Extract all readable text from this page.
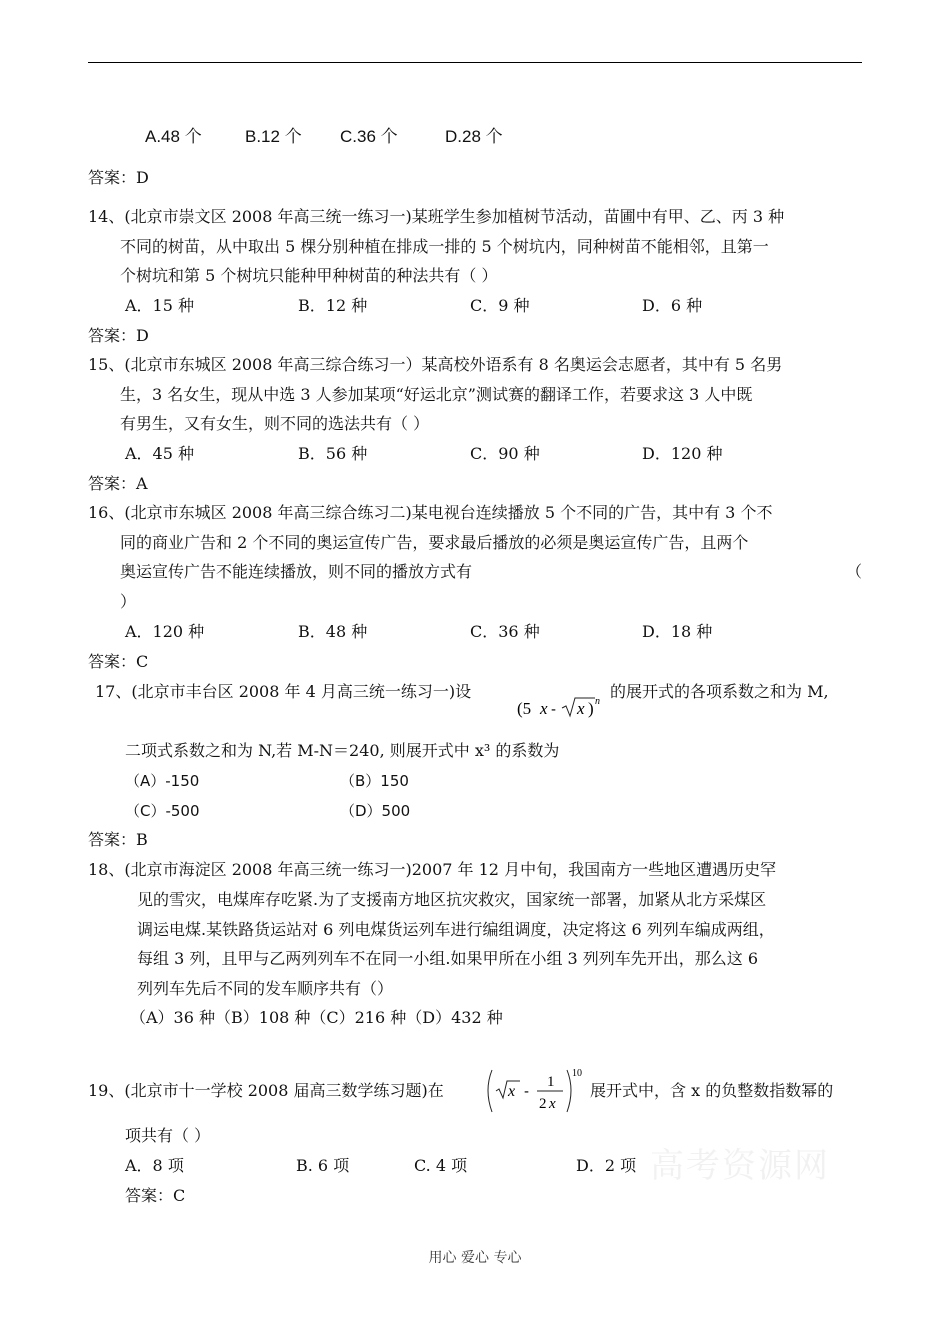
A.48 个	B.12 个 C.36 个	D.28 个
答案：D
14、(北京市崇文区 2008 年高三统一练习一)某班学生参加植树节活动，苗圃中有甲、乙、丙 3 种
不同的树苗，从中取出 5 棵分别种植在排成一排的 5 个树坑内，同种树苗不能相邻，且第一
个树坑和第 5 个树坑只能种甲种树苗的种法共有（ ）
A．15 种	B．12 种	C．9 种	D．6 种
答案：D
15、(北京市东城区 2008 年高三综合练习一）某高校外语系有 8 名奥运会志愿者，其中有 5 名男
生，3 名女生，现从中选 3 人参加某项“好运北京”测试赛的翻译工作，若要求这 3 人中既
有男生，又有女生，则不同的选法共有（ ）
A．45 种	B．56 种	C．90 种	D．120 种
答案：A
16、(北京市东城区 2008 年高三综合练习二)某电视台连续播放 5 个不同的广告，其中有 3 个不
同的商业广告和 2 个不同的奥运宣传广告，要求最后播放的必须是奥运宣传广告，且两个
奥运宣传广告不能连续播放，则不同的播放方式有	（
）
A．120 种	B．48 种	C．36 种	D．18 种
答案：C
17、(北京市丰台区 2008 年 4 月高三统一练习一)设
(5 x - x ) n
的展开式的各项系数之和为 M,
二项式系数之和为 N,若 M-N＝240, 则展开式中 x³ 的系数为
（A）-150	（B）150
（C）-500	（D）500
答案：B
18、(北京市海淀区 2008 年高三统一练习一)2007 年 12 月中旬，我国南方一些地区遭遇历史罕
见的雪灾，电煤库存吃紧.为了支援南方地区抗灾救灾，国家统一部署，加紧从北方采煤区
调运电煤.某铁路货运站对 6 列电煤货运列车进行编组调度，决定将这 6 列列车编成两组，
每组 3 列，且甲与乙两列列车不在同一小组.如果甲所在小组 3 列列车先开出，那么这 6
列列车先后不同的发车顺序共有（）
（A）36 种（B）108 种（C）216 种（D）432 种
19、(北京市十一学校 2008 届高三数学练习题)在	x -
1
2 x
10
展开式中，含 x 的负整数指数幂的
项共有（ ）
A．8 项	B. 6 项	C. 4 项	D．2 项
答案：C
高考资源网
用心 爱心 专心
